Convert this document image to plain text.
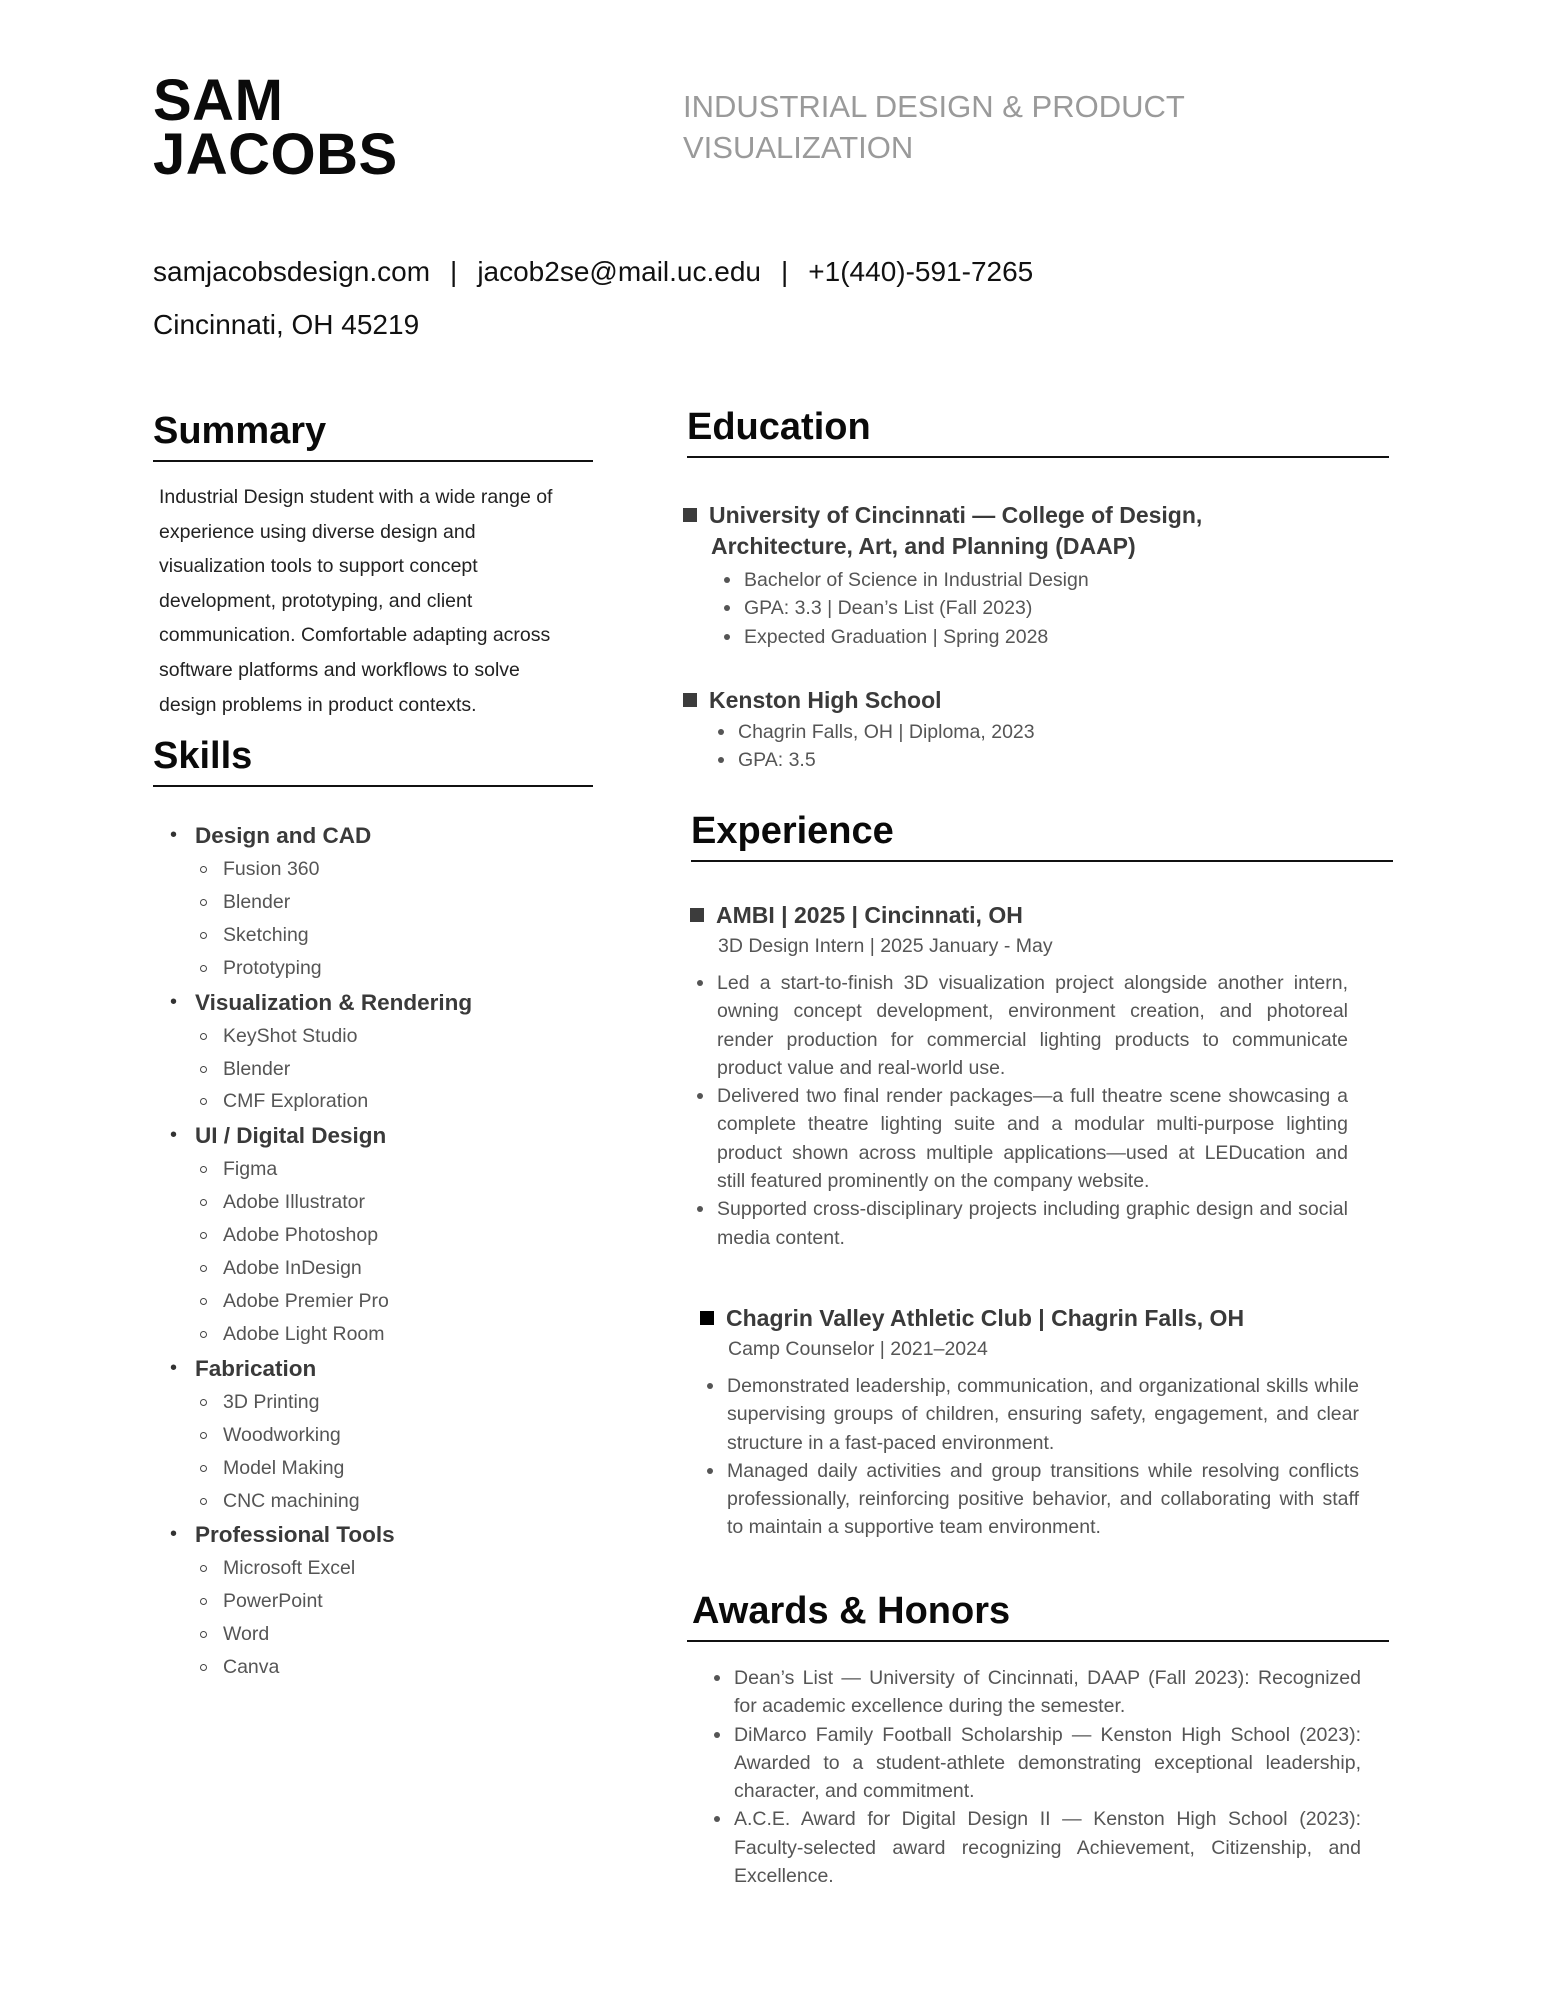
SAM
JACOBS
INDUSTRIAL DESIGN & PRODUCT
VISUALIZATION
samjacobsdesign.com | jacob2se@mail.uc.edu | +1(440)-591-7265
Cincinnati, OH 45219
Summary
Industrial Design student with a wide range of
experience using diverse design and
visualization tools to support concept
development, prototyping, and client
communication. Comfortable adapting across
software platforms and workflows to solve
design problems in product contexts.
Skills
• Design and CAD
Fusion 360
Blender
Sketching
Prototyping
• Visualization & Rendering
KeyShot Studio
Blender
CMF Exploration
• UI / Digital Design
Figma
Adobe Illustrator
Adobe Photoshop
Adobe InDesign
Adobe Premier Pro
Adobe Light Room
• Fabrication
3D Printing
Woodworking
Model Making
CNC machining
• Professional Tools
Microsoft Excel
PowerPoint
Word
Canva
Education
University of Cincinnati — College of Design,
Architecture, Art, and Planning (DAAP)
Bachelor of Science in Industrial Design
GPA: 3.3 | Dean’s List (Fall 2023)
Expected Graduation | Spring 2028
Kenston High School
Chagrin Falls, OH | Diploma, 2023
GPA: 3.5
Experience
AMBI | 2025 | Cincinnati, OH
3D Design Intern | 2025 January - May
Led a start-to-finish 3D visualization project alongside another intern, owning concept development, environment creation, and photoreal render production for commercial lighting products to communicate product value and real-world use.
Delivered two final render packages—a full theatre scene showcasing a complete theatre lighting suite and a modular multi-purpose lighting product shown across multiple applications—used at LEDucation and still featured prominently on the company website.
Supported cross-disciplinary projects including graphic design and social media content.
Chagrin Valley Athletic Club | Chagrin Falls, OH
Camp Counselor | 2021–2024
Demonstrated leadership, communication, and organizational skills while supervising groups of children, ensuring safety, engagement, and clear structure in a fast-paced environment.
Managed daily activities and group transitions while resolving conflicts professionally, reinforcing positive behavior, and collaborating with staff to maintain a supportive team environment.
Awards & Honors
Dean’s List — University of Cincinnati, DAAP (Fall 2023): Recognized for academic excellence during the semester.
DiMarco Family Football Scholarship — Kenston High School (2023): Awarded to a student-athlete demonstrating exceptional leadership, character, and commitment.
A.C.E. Award for Digital Design II — Kenston High School (2023): Faculty-selected award recognizing Achievement, Citizenship, and Excellence.
